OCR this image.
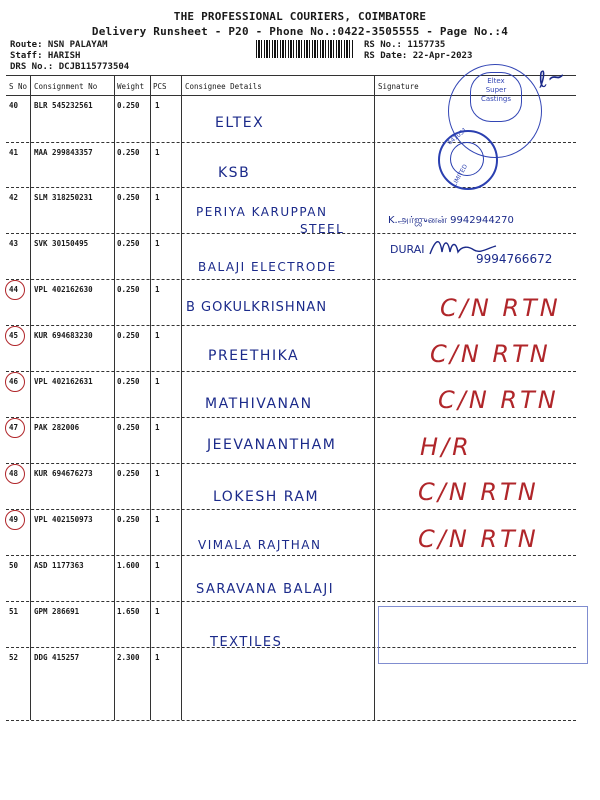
THE PROFESSIONAL COURIERS, COIMBATORE
Delivery Runsheet - P20 - Phone No.:0422-3505555 - Page No.:4
Route: NSN PALAYAM
Staff: HARISH
DRS No.: DCJB115773504
RS No.: 1157735
RS Date: 22-Apr-2023
S No Consignment No	Weight PCS Consignee Details	Signature
40 BLR 545232561	0.250 1
ELTEX
41 MAA 299843357	0.250 1
KSB
42 SLM 318250231	0.250 1
PERIYA KARUPPAN
STEEL
K.அர்ஜுனன் 9942944270
43 SVK 30150495	0.250 1
BALAJI ELECTRODE
DURAI
9994766672
44 VPL 402162630	0.250 1
B GOKULKRISHNAN	C/N RTN
45 KUR 694683230	0.250 1
PREETHIKA	C/N RTN
46 VPL 402162631	0.250 1
MATHIVANAN	C/N RTN
47 PAK 282006	0.250 1
JEEVANANTHAM	H/R
48 KUR 694676273	0.250 1
LOKESH RAM	C/N RTN
49 VPL 402150973	0.250 1
VIMALA RAJTHAN	C/N RTN
50 ASD 1177363	1.600 1
SARAVANA BALAJI
51 GPM 286691	1.650 1
TEXTILES
52 DDG 415257	2.300 1
Eltex
Super
Castings
ℓ~
641031
LIMITED
